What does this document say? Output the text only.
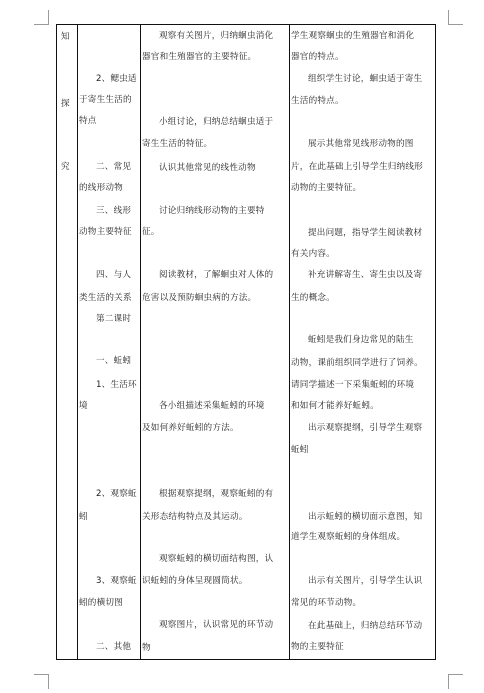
知
探
究
2、鳃虫适
于寄生生活的
特点
二、常见
的线形动物
三、线形
动物主要特征
四、与人
类生活的关系
第二课时
一、蚯蚓
1、生活环
境
2、观察蚯
蚓
3、观察蚯
蚓的横切图
二、其他
观察有关图片，归纳蛔虫消化
器官和生殖器官的主要特征。
小组讨论，归纳总结蛔虫适于
寄生生活的特征。
认识其他常见的线性动物
讨论归纳线形动物的主要特
征。
阅读教材，了解蛔虫对人体的
危害以及预防蛔虫病的方法。
各小组描述采集蚯蚓的环境
及如何养好蚯蚓的方法。
根据观察提纲，观察蚯蚓的有
关形态结构特点及其运动。
观察蚯蚓的横切面结构图，认
识蚯蚓的身体呈现圆筒状。
观察图片，认识常见的环节动
物
学生观察蛔虫的生殖器官和消化
器官的特点。
组织学生讨论，蛔虫适于寄生
生活的特点。
展示其他常见线形动物的图
片，在此基础上引导学生归纳线形
动物的主要特征。
提出问题，指导学生阅读教材
有关内容。
补充讲解寄生、寄生虫以及寄
生的概念。
蚯蚓是我们身边常见的陆生
动物，课前组织同学进行了饲养。
请同学描述一下采集蚯蚓的环境
和如何才能养好蚯蚓。
出示观察提纲，引导学生观察
蚯蚓
出示蚯蚓的横切面示意图，知
道学生观察蚯蚓的身体组成。
出示有关图片，引导学生认识
常见的环节动物。
在此基础上，归纳总结环节动
物的主要特征
